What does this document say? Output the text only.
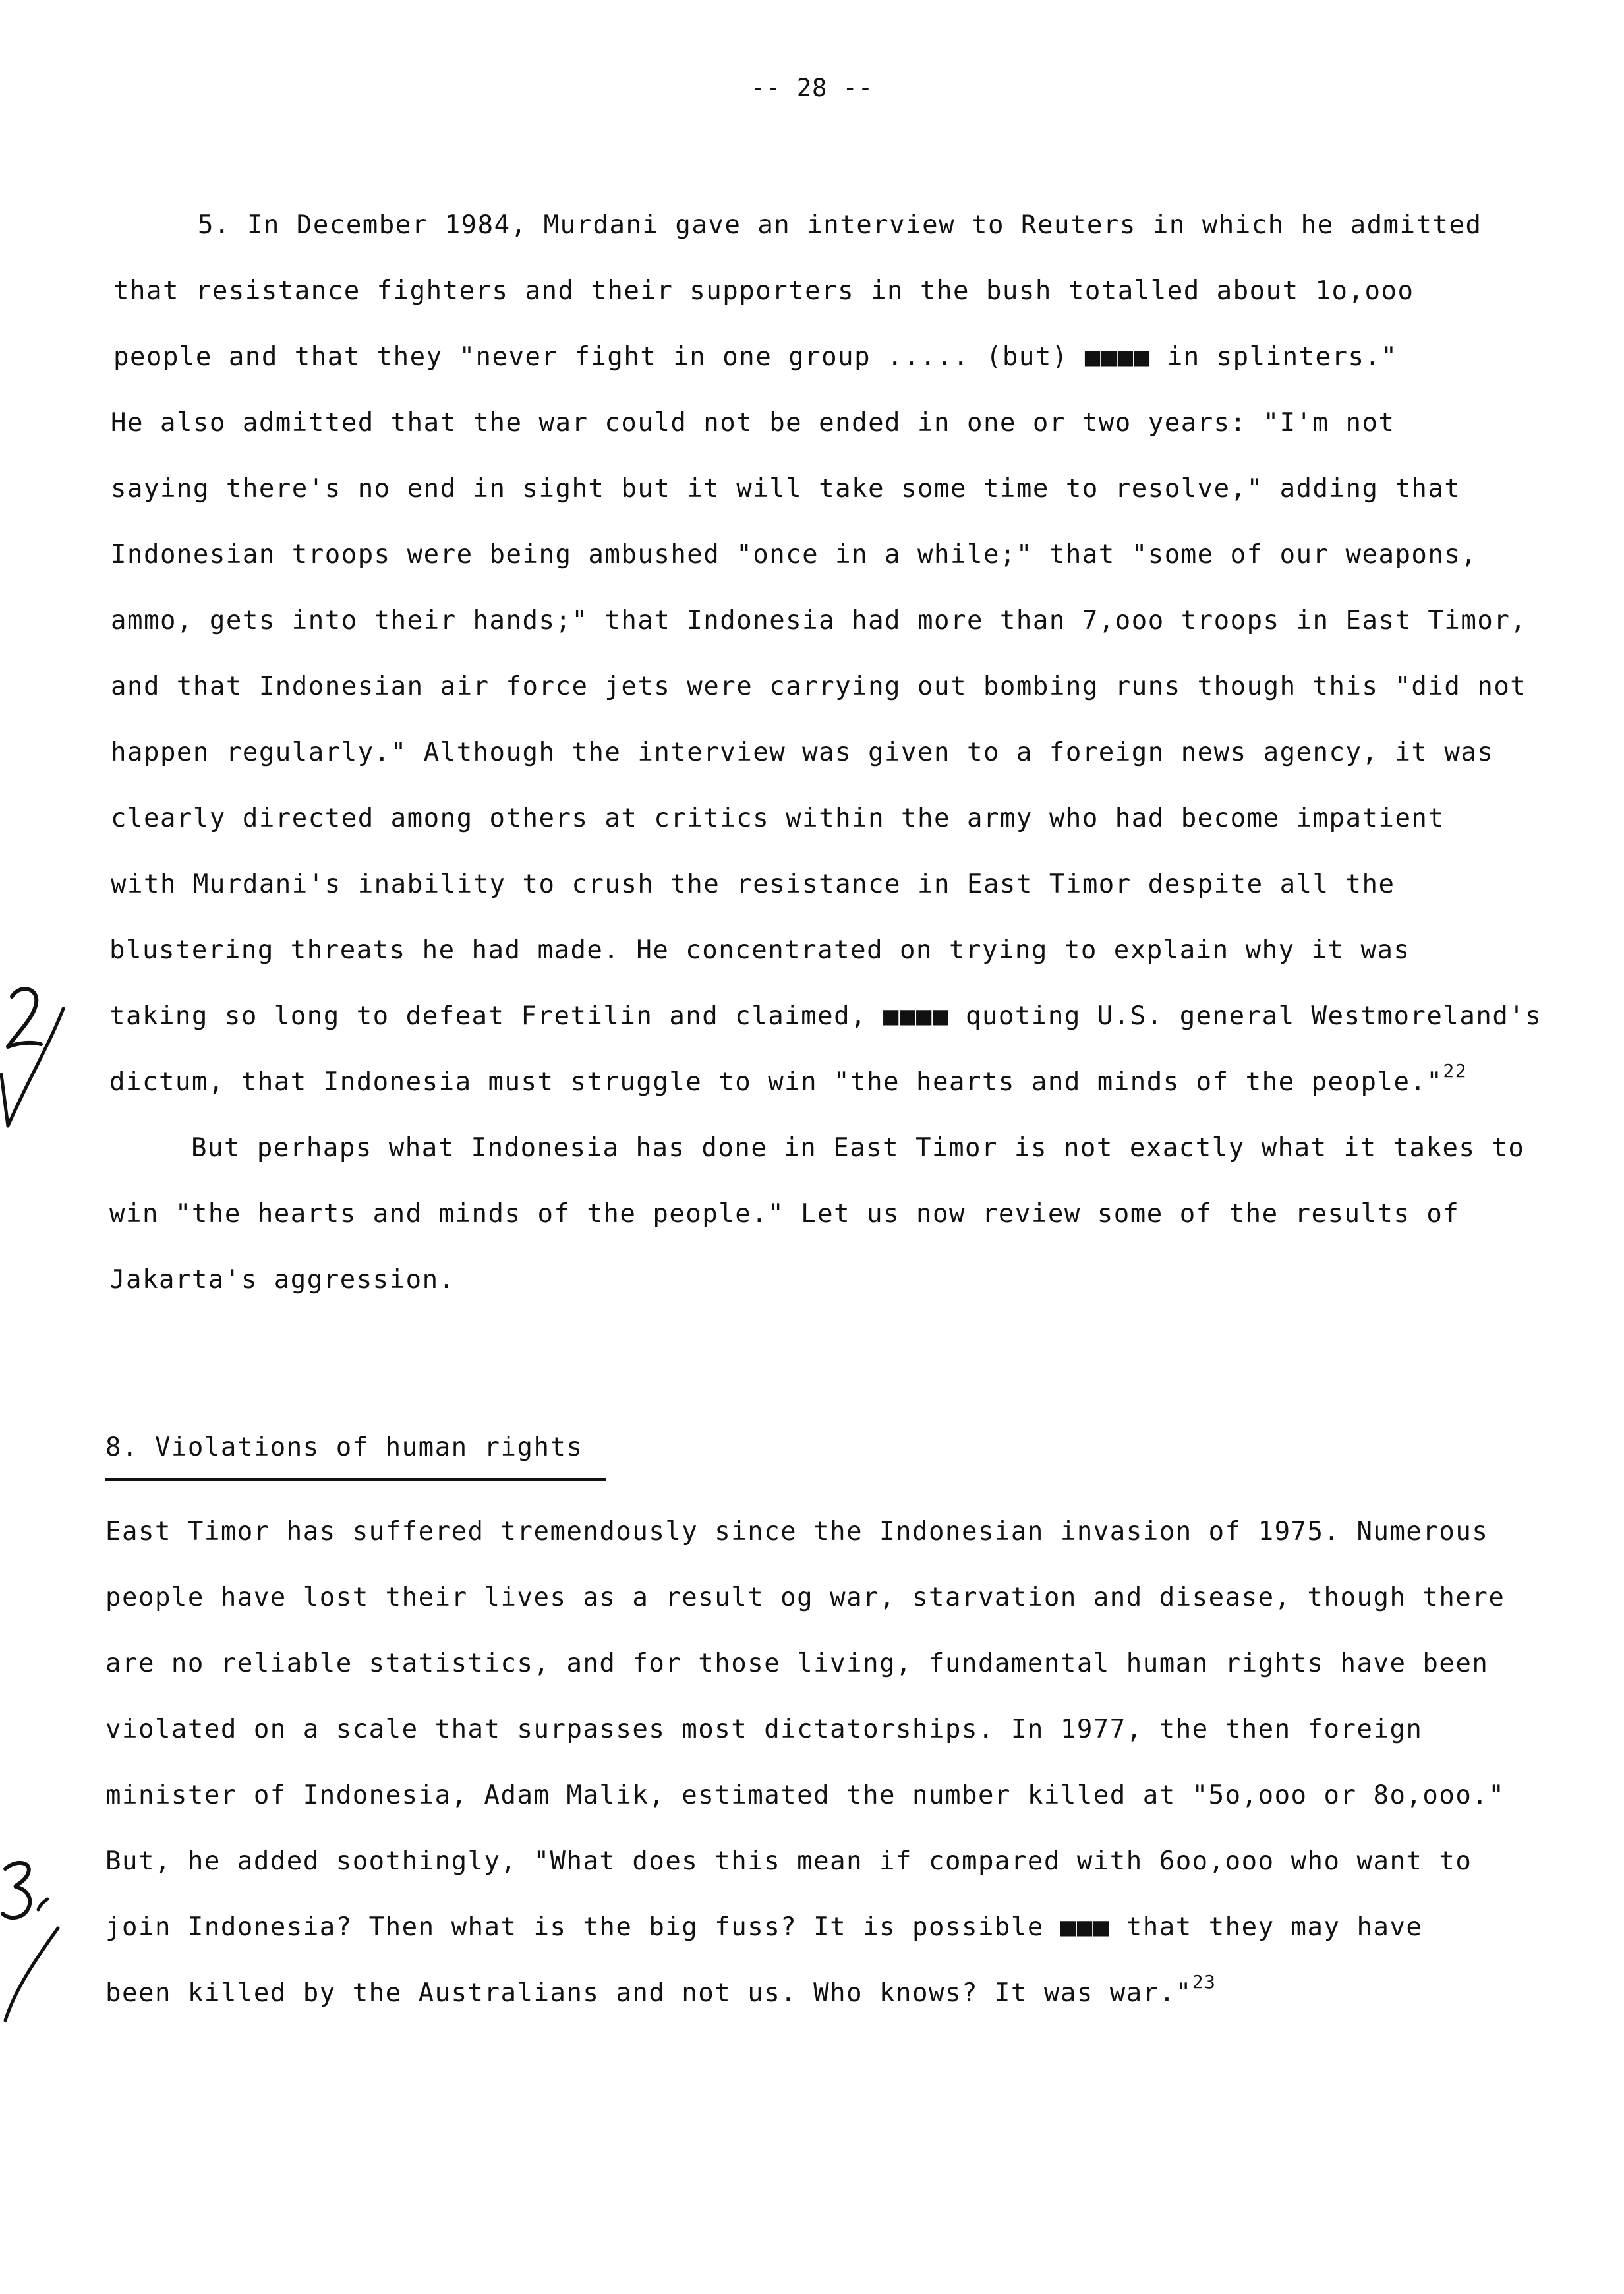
-- 28 --
5. In December 1984, Murdani gave an interview to Reuters in which he admitted
that resistance fighters and their supporters in the bush totalled about 1o,ooo
people and that they "never fight in one group ..... (but) ■■■■ in splinters."
He also admitted that the war could not be ended in one or two years: "I'm not
saying there's no end in sight but it will take some time to resolve," adding that
Indonesian troops were being ambushed "once in a while;" that "some of our weapons,
ammo, gets into their hands;" that Indonesia had more than 7,ooo troops in East Timor,
and that Indonesian air force jets were carrying out bombing runs though this "did not
happen regularly." Although the interview was given to a foreign news agency, it was
clearly directed among others at critics within the army who had become impatient
with Murdani's inability to crush the resistance in East Timor despite all the
blustering threats he had made. He concentrated on trying to explain why it was
taking so long to defeat Fretilin and claimed, ■■■■ quoting U.S. general Westmoreland's
dictum, that Indonesia must struggle to win "the hearts and minds of the people."$^{22}$
But perhaps what Indonesia has done in East Timor is not exactly what it takes to
win "the hearts and minds of the people." Let us now review some of the results of
Jakarta's aggression.
8. Violations of human rights
East Timor has suffered tremendously since the Indonesian invasion of 1975. Numerous
people have lost their lives as a result og war, starvation and disease, though there
are no reliable statistics, and for those living, fundamental human rights have been
violated on a scale that surpasses most dictatorships. In 1977, the then foreign
minister of Indonesia, Adam Malik, estimated the number killed at "5o,ooo or 8o,ooo."
But, he added soothingly, "What does this mean if compared with 6oo,ooo who want to
join Indonesia? Then what is the big fuss? It is possible ■■■ that they may have
been killed by the Australians and not us. Who knows? It was war."$^{23}$
